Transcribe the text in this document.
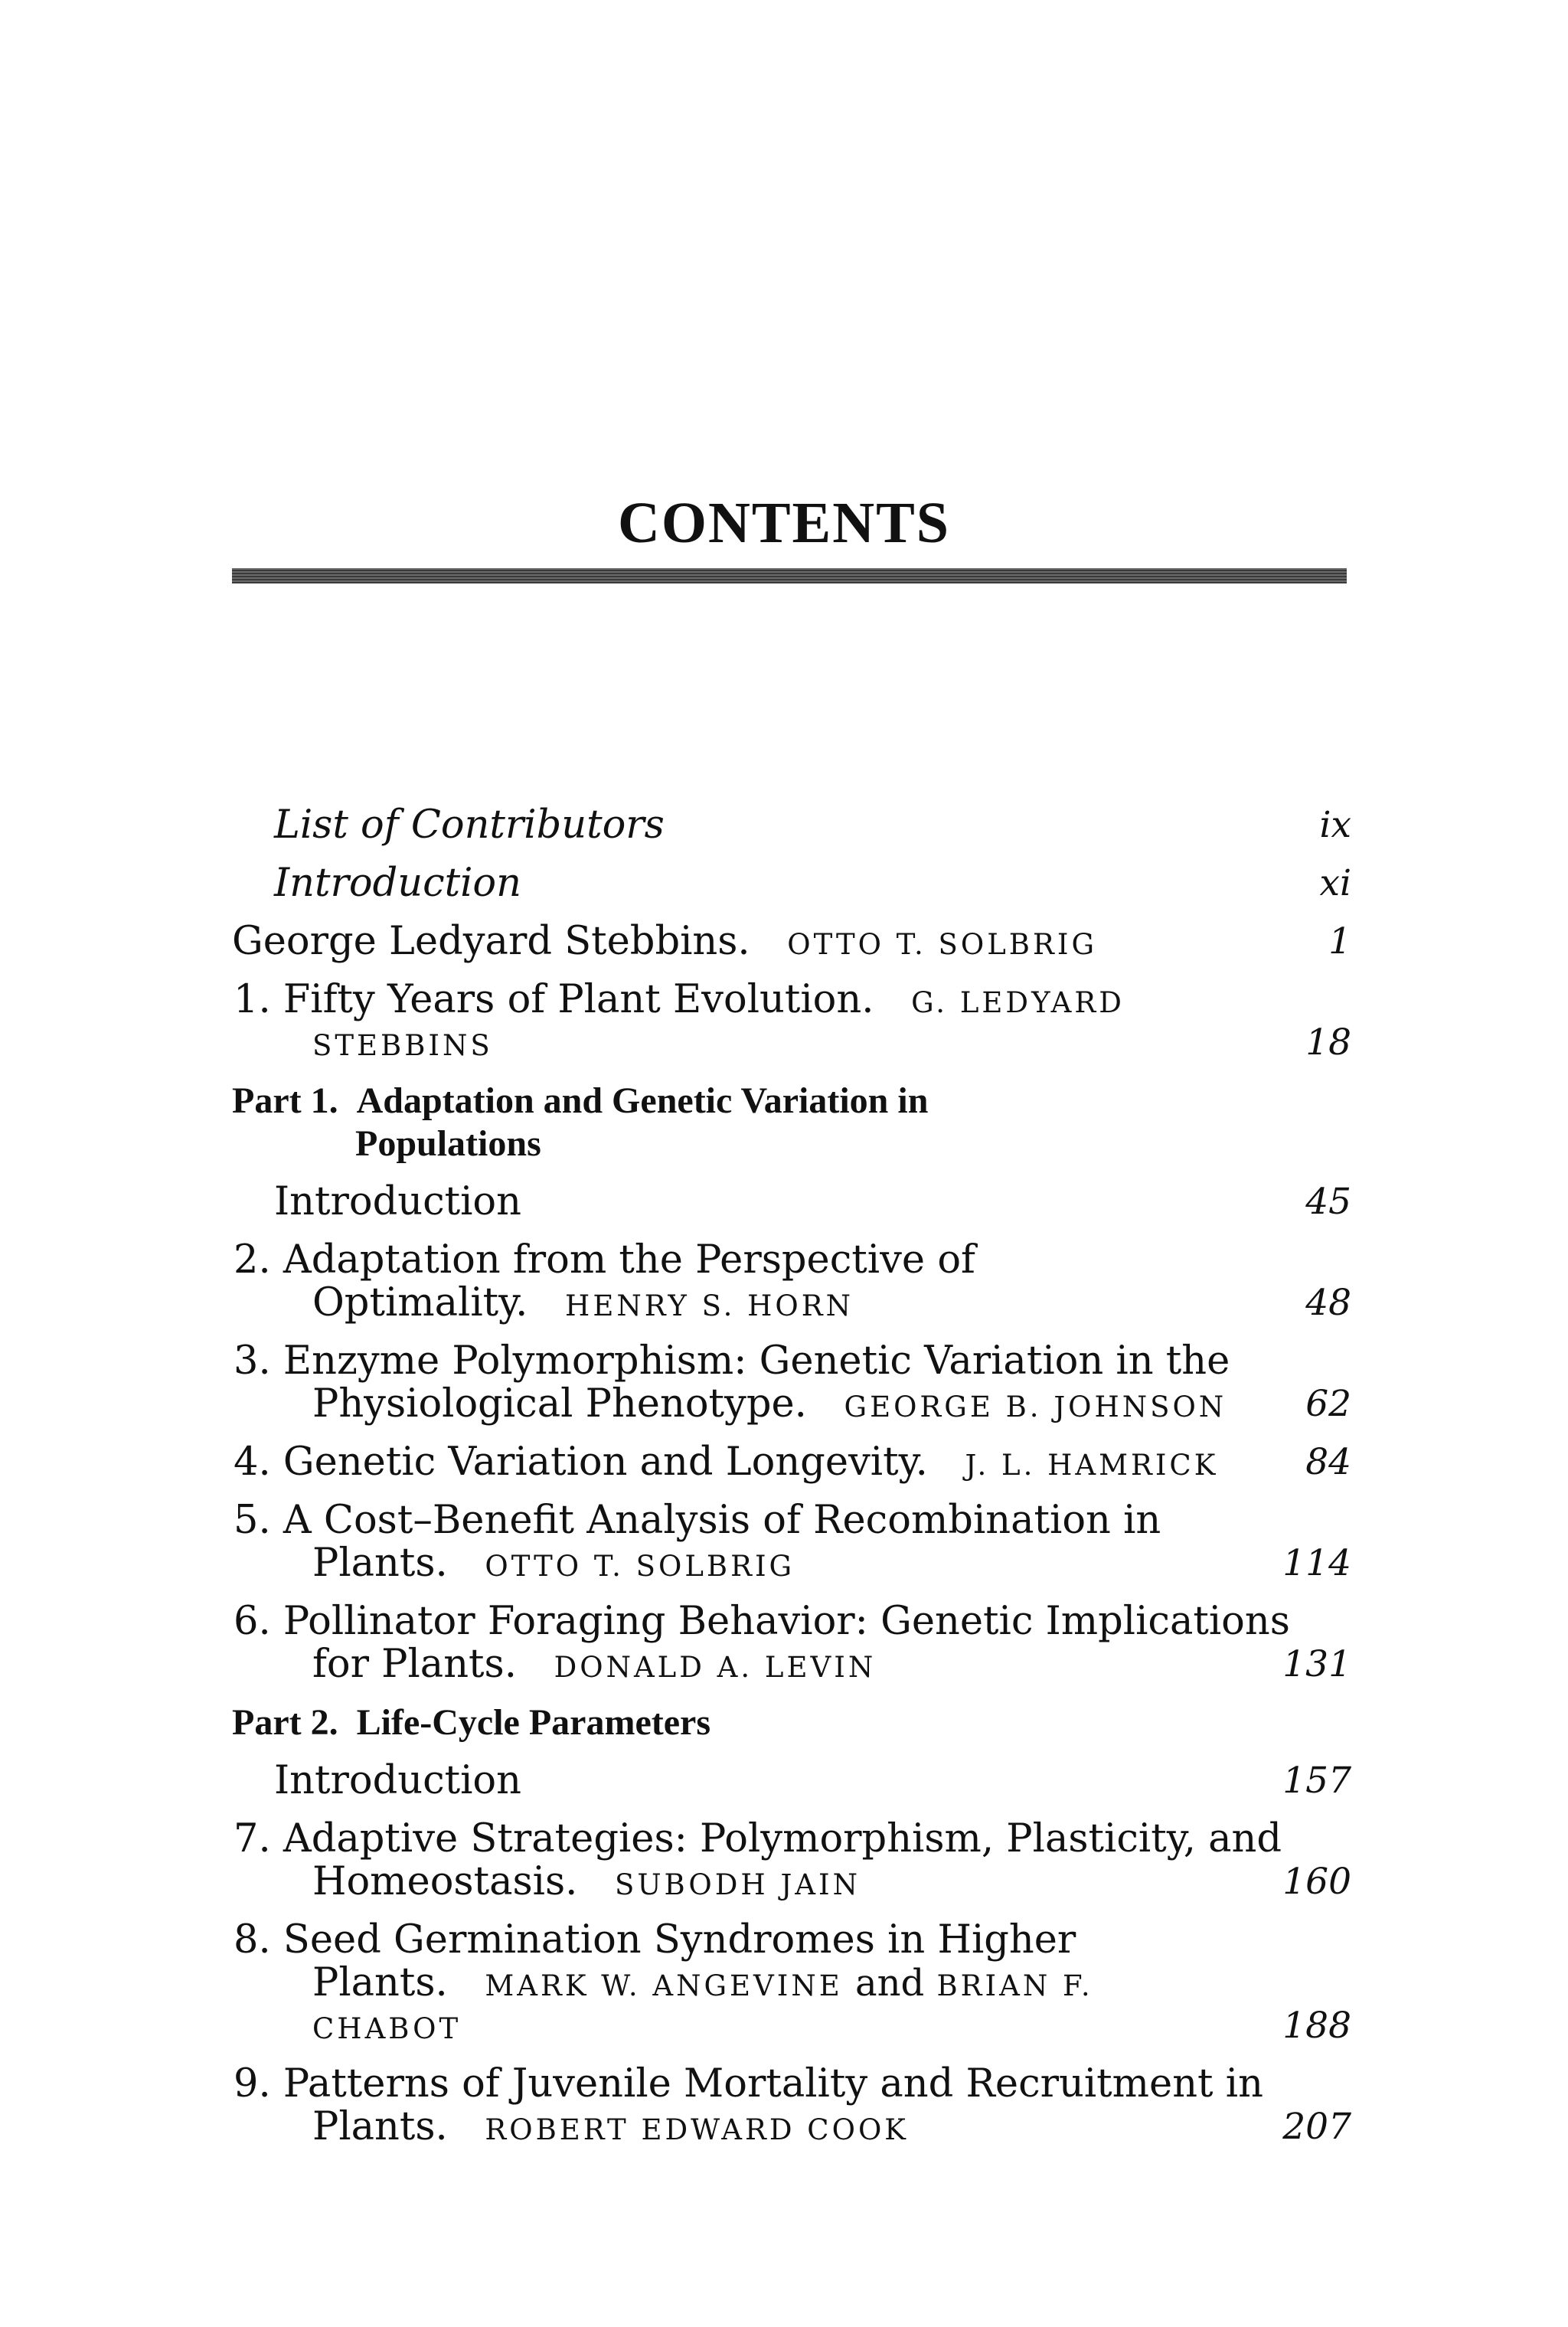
CONTENTS
List of Contributors	ix
Introduction	xi
George Ledyard Stebbins. OTTO T. SOLBRIG	1
1. Fifty Years of Plant Evolution. G. LEDYARD
STEBBINS	18
Part 1. Adaptation and Genetic Variation in
Populations
Introduction	45
2. Adaptation from the Perspective of
Optimality. HENRY S. HORN	48
3. Enzyme Polymorphism: Genetic Variation in the
Physiological Phenotype. GEORGE B. JOHNSON	62
4. Genetic Variation and Longevity. J. L. HAMRICK	84
5. A Cost–Benefit Analysis of Recombination in
Plants. OTTO T. SOLBRIG	114
6. Pollinator Foraging Behavior: Genetic Implications
for Plants. DONALD A. LEVIN	131
Part 2. Life-Cycle Parameters
Introduction	157
7. Adaptive Strategies: Polymorphism, Plasticity, and
Homeostasis. SUBODH JAIN	160
8. Seed Germination Syndromes in Higher
Plants. MARK W. ANGEVINE and BRIAN F.
CHABOT	188
9. Patterns of Juvenile Mortality and Recruitment in
Plants. ROBERT EDWARD COOK	207
